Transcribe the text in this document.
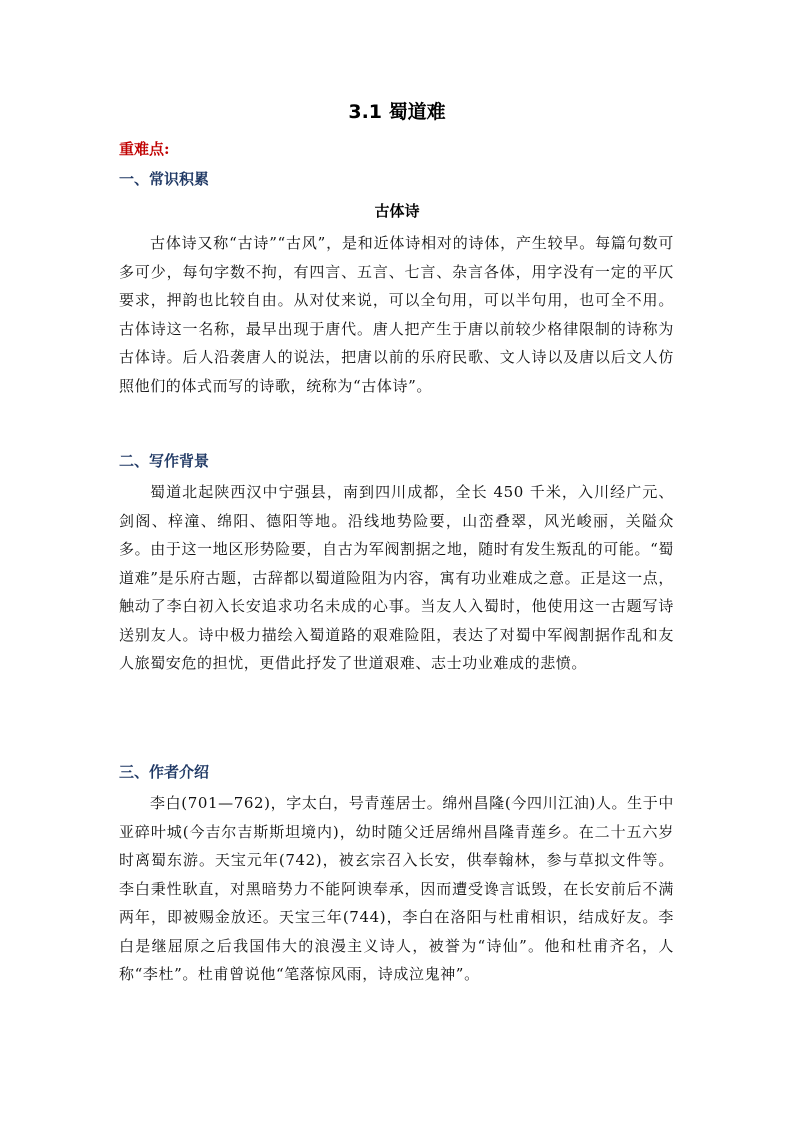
3.1 蜀道难
重难点:
一、常识积累
古体诗

古体诗又称“古诗”“古风”，是和近体诗相对的诗体，产生较早。每篇句数可多可少，每句字数不拘，有四言、五言、七言、杂言各体，用字没有一定的平仄要求，押韵也比较自由。从对仗来说，可以全句用，可以半句用，也可全不用。古体诗这一名称，最早出现于唐代。唐人把产生于唐以前较少格律限制的诗称为古体诗。后人沿袭唐人的说法，把唐以前的乐府民歌、文人诗以及唐以后文人仿照他们的体式而写的诗歌，统称为“古体诗”。

二、写作背景

蜀道北起陕西汉中宁强县，南到四川成都，全长 450 千米，入川经广元、剑阁、梓潼、绵阳、德阳等地。沿线地势险要，山峦叠翠，风光峻丽，关隘众多。由于这一地区形势险要，自古为军阀割据之地，随时有发生叛乱的可能。“蜀道难”是乐府古题，古辞都以蜀道险阻为内容，寓有功业难成之意。正是这一点，触动了李白初入长安追求功名未成的心事。当友人入蜀时，他使用这一古题写诗送别友人。诗中极力描绘入蜀道路的艰难险阻，表达了对蜀中军阀割据作乱和友人旅蜀安危的担忧，更借此抒发了世道艰难、志士功业难成的悲愤。

三、作者介绍

李白(701—762)，字太白，号青莲居士。绵州昌隆(今四川江油)人。生于中亚碎叶城(今吉尔吉斯斯坦境内)，幼时随父迁居绵州昌隆青莲乡。在二十五六岁时离蜀东游。天宝元年(742)，被玄宗召入长安，供奉翰林，参与草拟文件等。李白秉性耿直，对黑暗势力不能阿谀奉承，因而遭受谗言诋毁，在长安前后不满两年，即被赐金放还。天宝三年(744)，李白在洛阳与杜甫相识，结成好友。李白是继屈原之后我国伟大的浪漫主义诗人，被誉为“诗仙”。他和杜甫齐名，人称“李杜”。杜甫曾说他“笔落惊风雨，诗成泣鬼神”。
